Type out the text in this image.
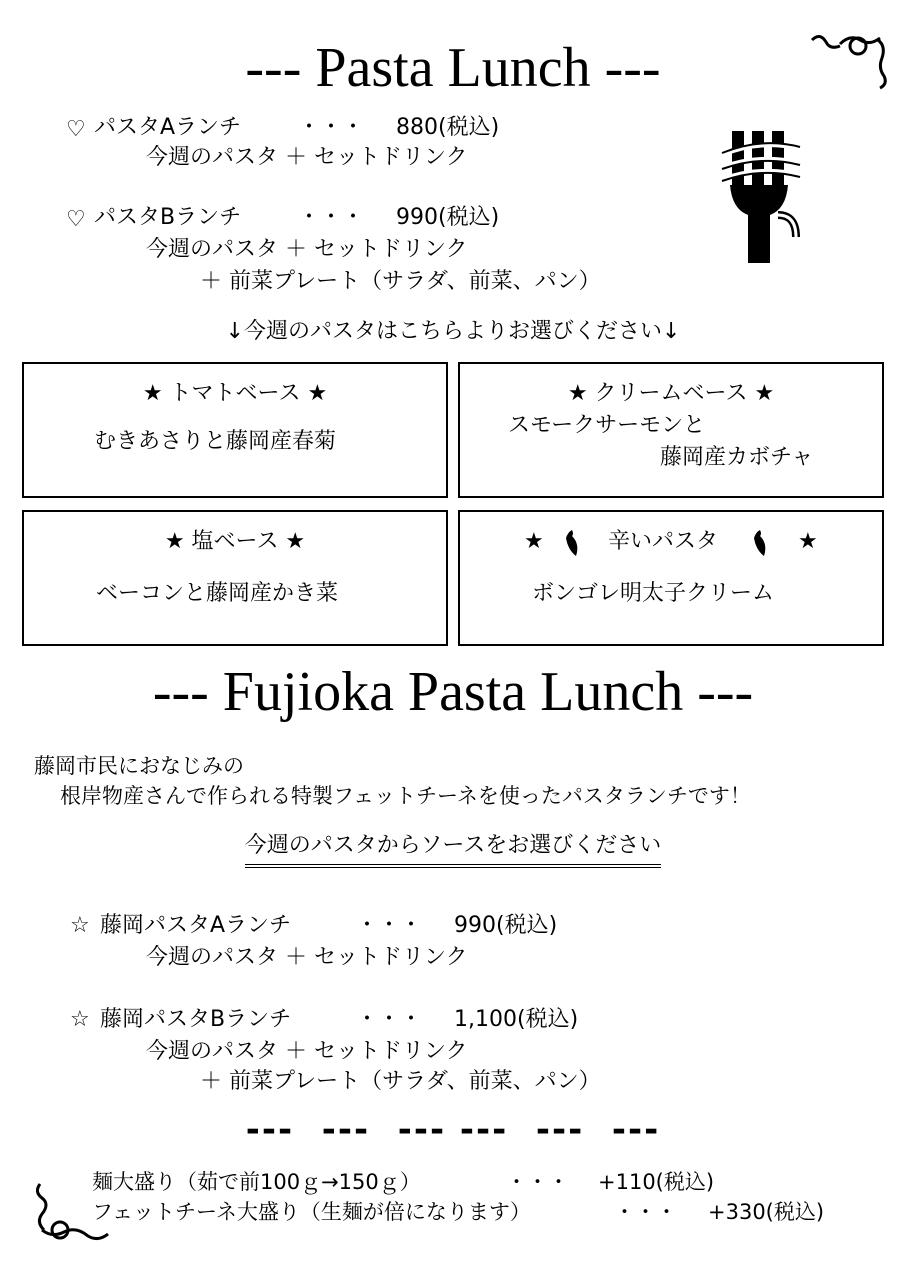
--- Pasta Lunch ---
♡ パスタAランチ	・・・ 880(税込)
今週のパスタ ＋ セットドリンク
♡ パスタBランチ	・・・ 990(税込)
今週のパスタ ＋ セットドリンク
＋ 前菜プレート（サラダ、前菜、パン）
↓今週のパスタはこちらよりお選びください↓
★ トマトベース ★
むきあさりと藤岡産春菊
★ クリームベース ★
スモークサーモンと
藤岡産カボチャ
★ 塩ベース ★
ベーコンと藤岡産かき菜
★	辛いパスタ	★
ボンゴレ明太子クリーム
--- Fujioka Pasta Lunch ---
藤岡市民におなじみの
根岸物産さんで作られる特製フェットチーネを使ったパスタランチです！
今週のパスタからソースをお選びください
☆ 藤岡パスタAランチ	・・・ 990(税込)
今週のパスタ ＋ セットドリンク
☆ 藤岡パスタBランチ	・・・ 1,100(税込)
今週のパスタ ＋ セットドリンク
＋ 前菜プレート（サラダ、前菜、パン）
---  ---  --- ---  ---  ---
麺大盛り（茹で前100ｇ→150ｇ）	・・・ +110(税込)
フェットチーネ大盛り（生麺が倍になります）	・・・ +330(税込)
